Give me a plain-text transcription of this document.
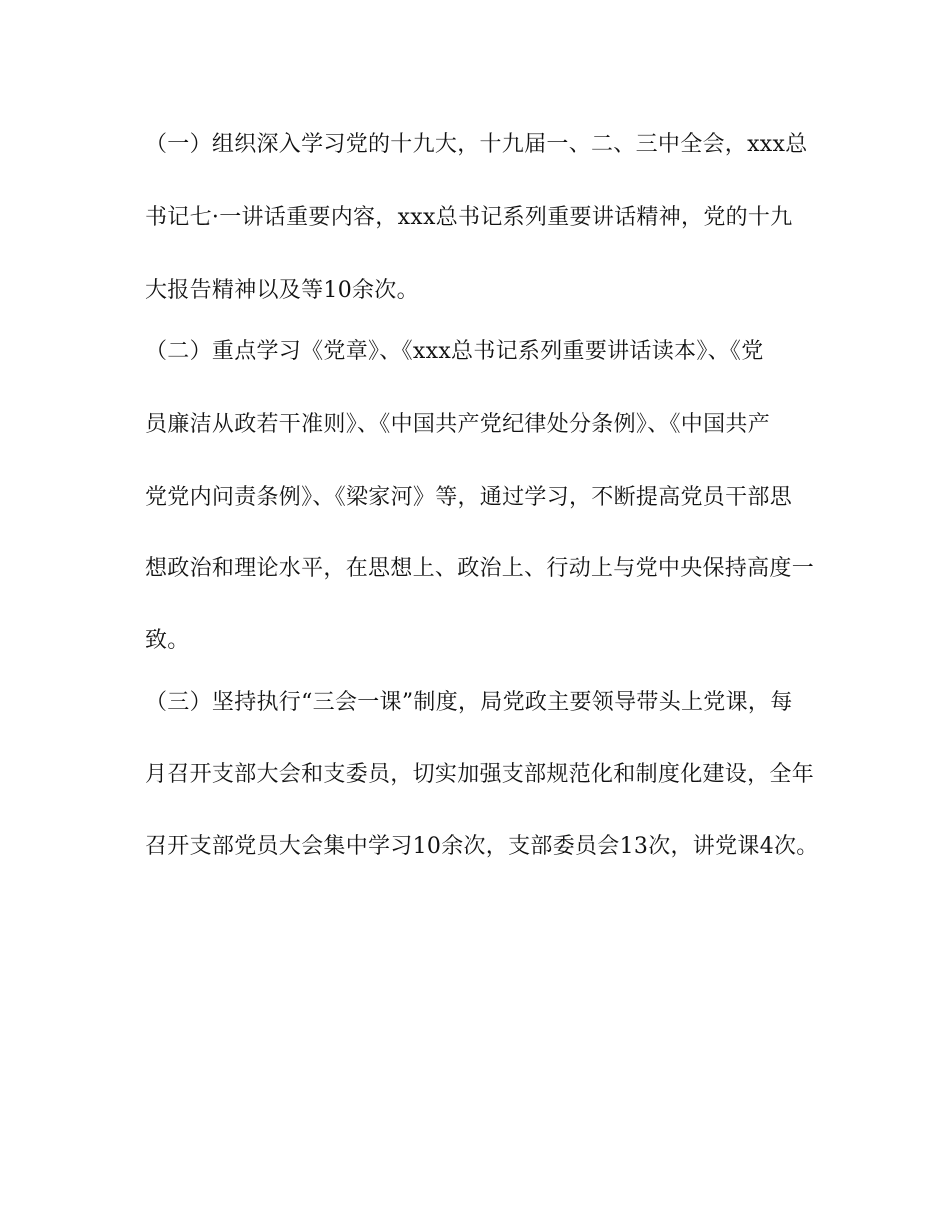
（一）组织深入学习党的十九大，十九届一、二、三中全会，xxx总
书记七·一讲话重要内容，xxx总书记系列重要讲话精神，党的十九
大报告精神以及等10余次。
（二）重点学习《党章》、《xxx总书记系列重要讲话读本》、《党
员廉洁从政若干准则》、《中国共产党纪律处分条例》、《中国共产
党党内问责条例》、《梁家河》等，通过学习，不断提高党员干部思
想政治和理论水平，在思想上、政治上、行动上与党中央保持高度一
致。
（三）坚持执行“三会一课”制度，局党政主要领导带头上党课，每
月召开支部大会和支委员，切实加强支部规范化和制度化建设，全年
召开支部党员大会集中学习10余次，支部委员会13次，讲党课4次。
